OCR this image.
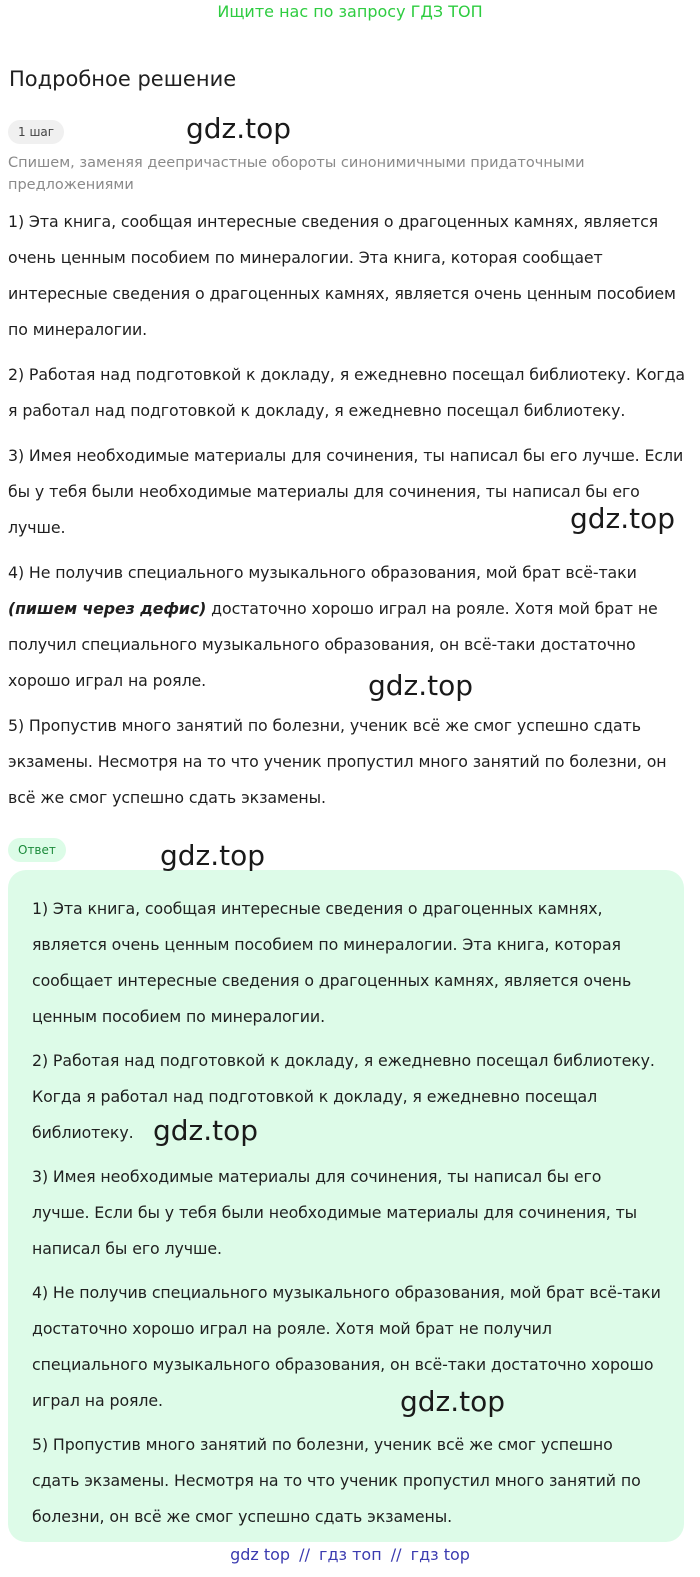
Ищите нас по запросу ГДЗ ТОП
Подробное решение
1 шаг

Спишем, заменяя деепричастные обороты синонимичными придаточными предложениями

1) Эта книга, сообщая интересные сведения о драгоценных камнях, является очень ценным пособием по минералогии. Эта книга, которая сообщает интересные сведения о драгоценных камнях, является очень ценным пособием по минералогии.

2) Работая над подготовкой к докладу, я ежедневно посещал библиотеку. Когда я работал над подготовкой к докладу, я ежедневно посещал библиотеку.

3) Имея необходимые материалы для сочинения, ты написал бы его лучше. Если бы у тебя были необходимые материалы для сочинения, ты написал бы его лучше.

4) Не получив специального музыкального образования, мой брат всё-таки (пишем через дефис) достаточно хорошо играл на рояле. Хотя мой брат не получил специального музыкального образования, он всё-таки достаточно хорошо играл на рояле.

5) Пропустив много занятий по болезни, ученик всё же смог успешно сдать экзамены. Несмотря на то что ученик пропустил много занятий по болезни, он всё же смог успешно сдать экзамены.

Ответ

1) Эта книга, сообщая интересные сведения о драгоценных камнях, является очень ценным пособием по минералогии. Эта книга, которая сообщает интересные сведения о драгоценных камнях, является очень ценным пособием по минералогии.

2) Работая над подготовкой к докладу, я ежедневно посещал библиотеку. Когда я работал над подготовкой к докладу, я ежедневно посещал библиотеку.

3) Имея необходимые материалы для сочинения, ты написал бы его лучше. Если бы у тебя были необходимые материалы для сочинения, ты написал бы его лучше.

4) Не получив специального музыкального образования, мой брат всё-таки достаточно хорошо играл на рояле. Хотя мой брат не получил специального музыкального образования, он всё-таки достаточно хорошо играл на рояле.

5) Пропустив много занятий по болезни, ученик всё же смог успешно сдать экзамены. Несмотря на то что ученик пропустил много занятий по болезни, он всё же смог успешно сдать экзамены.

gdz.top
gdz.top
gdz.top
gdz.top
gdz.top
gdz.top
gdz top // гдз топ // гдз top
